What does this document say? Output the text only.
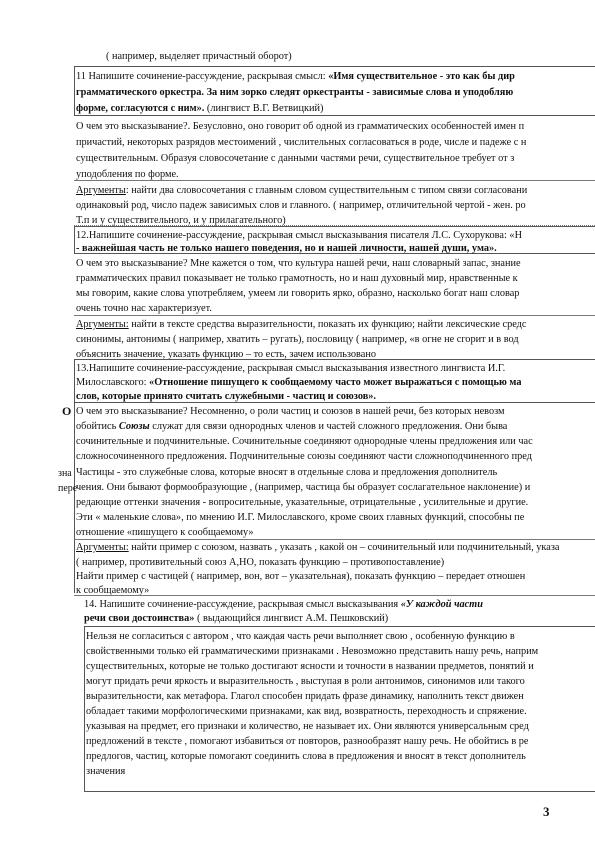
( например, выделяет причастный оборот)
11 Напишите сочинение-рассуждение, раскрывая смысл: «Имя существительное - это как бы дир
грамматического оркестра. За ним зорко следят оркестранты - зависимые слова и уподобляю
форме, согласуются с ним». (лингвист В.Г. Ветвицкий)
О чем это высказывание?. Безусловно, оно говорит об одной из грамматических особенностей имен п
причастий, некоторых разрядов местоимений , числительных согласоваться в роде, числе и падеже с н
существительным. Образуя словосочетание с данными частями речи, существительное требует от з
уподобления по форме.
Аргументы: найти два словосочетания с главным словом существительным с типом связи согласовани
одинаковый род, число падеж зависимых слов и главного. ( например, отличительной чертой - жен. ро
Т.п и у существительного, и у прилагательного)
12.Напишите сочинение-рассуждение, раскрывая смысл высказывания писателя Л.С. Сухорукова: «Н
- важнейшая часть не только нашего поведения, но и нашей личности, нашей души, ума».
О чем это высказывание? Мне кажется о том, что культура нашей речи, наш словарный запас, знание
грамматических правил показывает не только грамотность, но и наш духовный мир, нравственные к
мы говорим, какие слова употребляем, умеем ли говорить ярко, образно, насколько богат наш словар
очень точно нас характеризует.
Аргументы: найти в тексте средства выразительности, показать их функцию; найти лексические средс
синонимы, антонимы ( например, хватить – ругать), пословицу ( например, «в огне не сгорит и в вод
объяснить значение, указать функцию – то есть, зачем использовано
13.Напишите сочинение-рассуждение, раскрывая смысл высказывания известного лингвиста И.Г.
Милославского: «Отношение пишущего к сообщаемому часто может выражаться с помощью ма
слов, которые принято считать служебными - частиц и союзов».
О О чем это высказывание? Несомненно, о роли частиц и союзов в нашей речи, без которых невозм
обойтись Союзы служат для связи однородных членов и частей сложного предложения. Они быва
сочинительные и подчинительные. Сочинительные соединяют однородные члены предложения или час
сложносочиненного предложения. Подчинительные союзы соединяют части сложноподчиненного пред
зна
пере
Частицы - это служебные слова, которые вносят в отдельные слова и предложения дополнитель
чения. Они бывают формообразующие , (например, частица бы образует сослагательное наклонение) и
редающие оттенки значения - вопросительные, указательные, отрицательные , усилительные и другие.
Эти « маленькие слова», по мнению И.Г. Милославского, кроме своих главных функций, способны пе
отношение «пишущего к сообщаемому»
Аргументы: найти пример с союзом, назвать , указать , какой он – сочинительный или подчинительный, указа
( например, противительный союз А,НО, показать функцию – противопоставление)
Найти пример с частицей ( например, вон, вот – указательная), показать функцию – передает отношен
к сообщаемому»
14. Напишите сочинение-рассуждение, раскрывая смысл высказывания «У каждой части
речи свои достоинства» ( выдающийся лингвист А.М. Пешковский)
Нельзя не согласиться с автором , что каждая часть речи выполняет свою , особенную функцию в
свойственными только ей грамматическими признаками . Невозможно представить нашу речь, наприм
существительных, которые не только достигают ясности и точности в названии предметов, понятий и
могут придать речи яркость и выразительность , выступая в роли антонимов, синонимов или такого
выразительности, как метафора. Глагол способен придать фразе динамику, наполнить текст движен
обладает такими морфологическими признаками, как вид, возвратность, переходность и спряжение.
указывая на предмет, его признаки и количество, не называет их. Они являются универсальным сред
предложений в тексте , помогают избавиться от повторов, разнообразят нашу речь. Не обойтись в ре
предлогов, частиц, которые помогают соединить слова в предложения и вносят в текст дополнитель
значения
3
